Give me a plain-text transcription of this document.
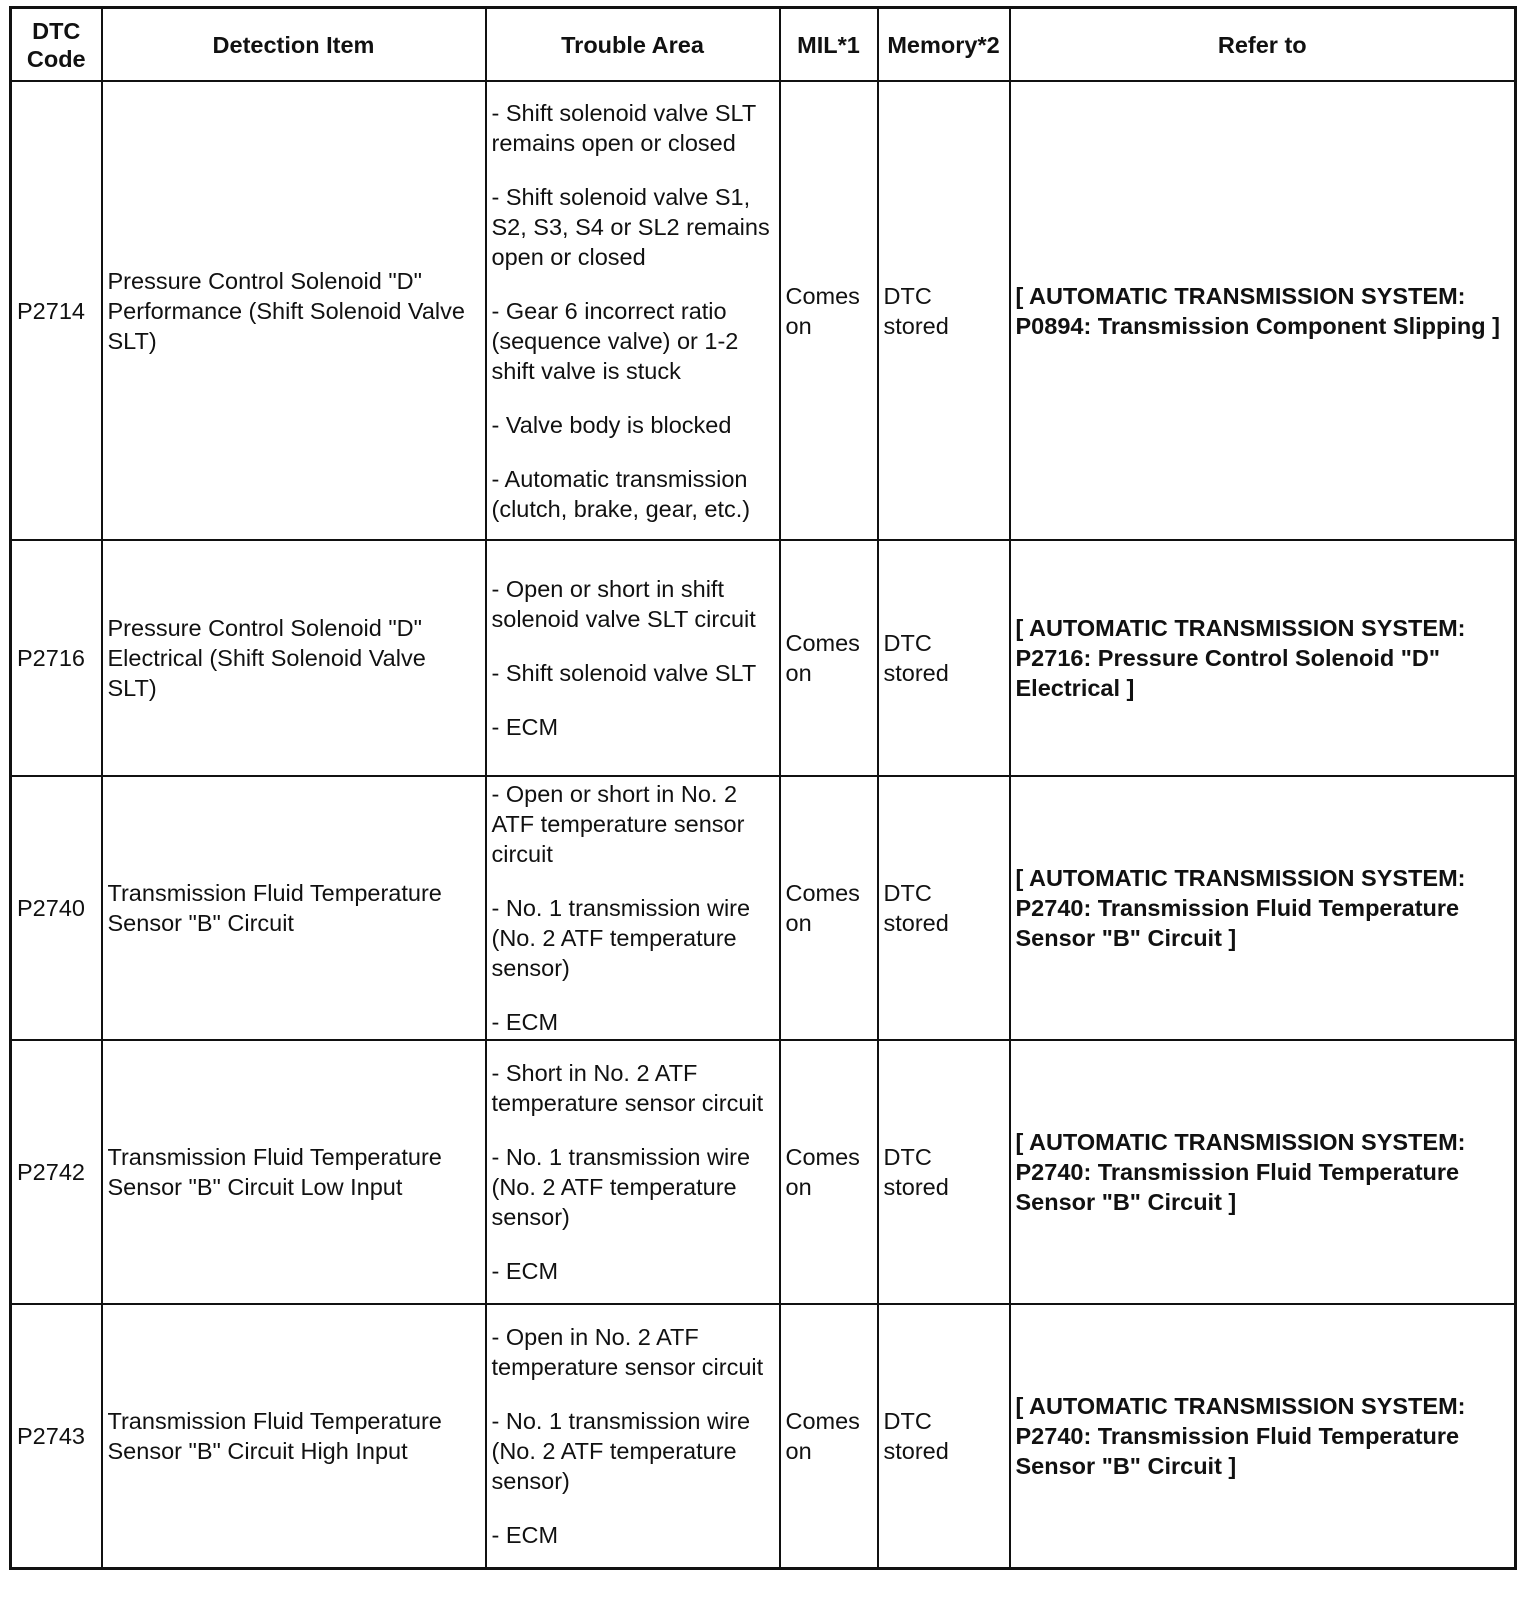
DTC Code	Detection Item	Trouble Area	MIL*1	Memory*2	Refer to
P2714	Pressure Control Solenoid "D" Performance (Shift Solenoid Valve SLT)	- Shift solenoid valve SLT remains open or closed
- Shift solenoid valve S1, S2, S3, S4 or SL2 remains open or closed
- Gear 6 incorrect ratio (sequence valve) or 1-2 shift valve is stuck
- Valve body is blocked
- Automatic transmission (clutch, brake, gear, etc.)	Comes on	DTC stored	[ AUTOMATIC TRANSMISSION SYSTEM: P0894: Transmission Component Slipping ]
P2716	Pressure Control Solenoid "D" Electrical (Shift Solenoid Valve SLT)	- Open or short in shift solenoid valve SLT circuit
- Shift solenoid valve SLT
- ECM	Comes on	DTC stored	[ AUTOMATIC TRANSMISSION SYSTEM: P2716: Pressure Control Solenoid "D" Electrical ]
P2740	Transmission Fluid Temperature Sensor "B" Circuit	- Open or short in No. 2 ATF temperature sensor circuit
- No. 1 transmission wire (No. 2 ATF temperature sensor)
- ECM	Comes on	DTC stored	[ AUTOMATIC TRANSMISSION SYSTEM: P2740: Transmission Fluid Temperature Sensor "B" Circuit ]
P2742	Transmission Fluid Temperature Sensor "B" Circuit Low Input	- Short in No. 2 ATF temperature sensor circuit
- No. 1 transmission wire (No. 2 ATF temperature sensor)
- ECM	Comes on	DTC stored	[ AUTOMATIC TRANSMISSION SYSTEM: P2740: Transmission Fluid Temperature Sensor "B" Circuit ]
P2743	Transmission Fluid Temperature Sensor "B" Circuit High Input	- Open in No. 2 ATF temperature sensor circuit
- No. 1 transmission wire (No. 2 ATF temperature sensor)
- ECM	Comes on	DTC stored	[ AUTOMATIC TRANSMISSION SYSTEM: P2740: Transmission Fluid Temperature Sensor "B" Circuit ]
